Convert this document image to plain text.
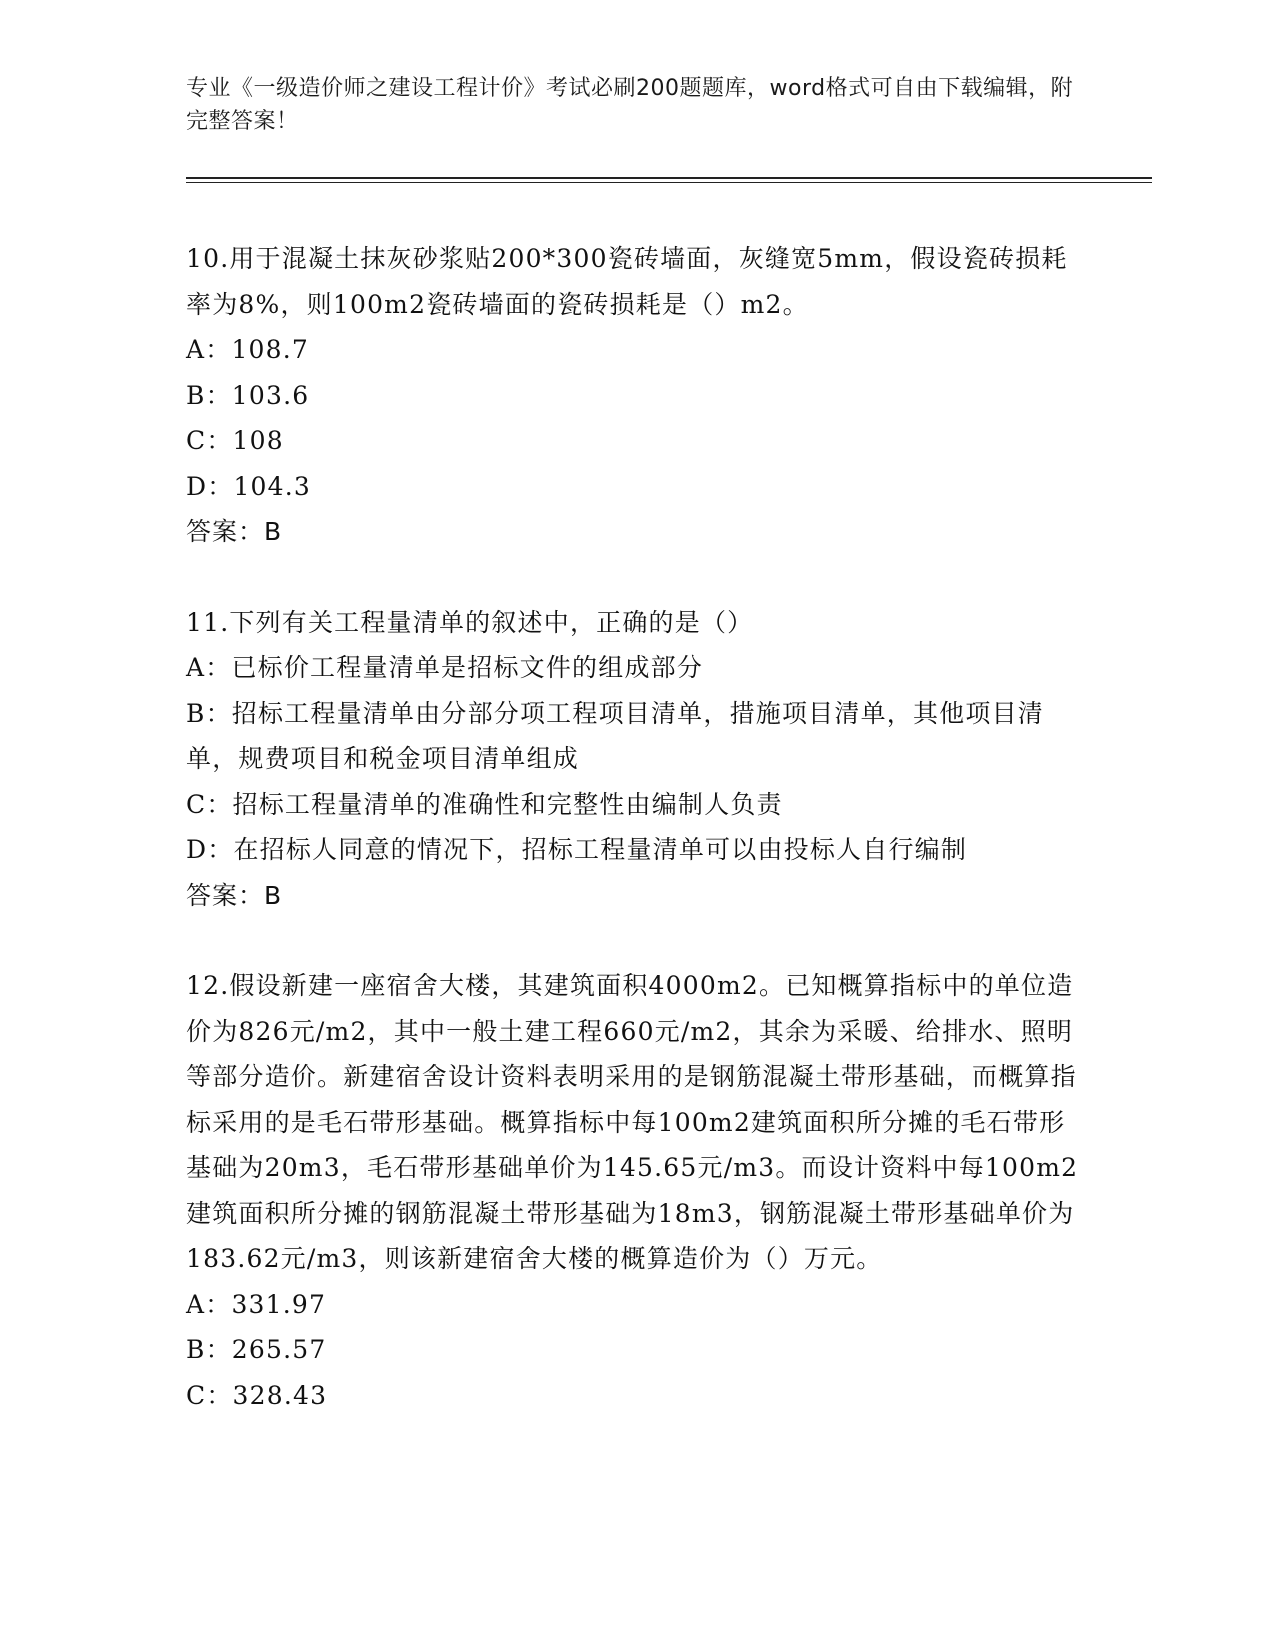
专业《一级造价师之建设工程计价》考试必刷200题题库，word格式可自由下载编辑，附完整答案！
10.用于混凝土抹灰砂浆贴200*300瓷砖墙面，灰缝宽5mm，假设瓷砖损耗率为8%，则100m2瓷砖墙面的瓷砖损耗是（）m2。
A：108.7
B：103.6
C：108
D：104.3
答案：B
11.下列有关工程量清单的叙述中，正确的是（）
A：已标价工程量清单是招标文件的组成部分
B：招标工程量清单由分部分项工程项目清单，措施项目清单，其他项目清单，规费项目和税金项目清单组成
C：招标工程量清单的准确性和完整性由编制人负责
D：在招标人同意的情况下，招标工程量清单可以由投标人自行编制
答案：B
12.假设新建一座宿舍大楼，其建筑面积4000m2。已知概算指标中的单位造价为826元/m2，其中一般土建工程660元/m2，其余为采暖、给排水、照明等部分造价。新建宿舍设计资料表明采用的是钢筋混凝土带形基础，而概算指标采用的是毛石带形基础。概算指标中每100m2建筑面积所分摊的毛石带形基础为20m3，毛石带形基础单价为145.65元/m3。而设计资料中每100m2建筑面积所分摊的钢筋混凝土带形基础为18m3，钢筋混凝土带形基础单价为183.62元/m3，则该新建宿舍大楼的概算造价为（）万元。
A：331.97
B：265.57
C：328.43
